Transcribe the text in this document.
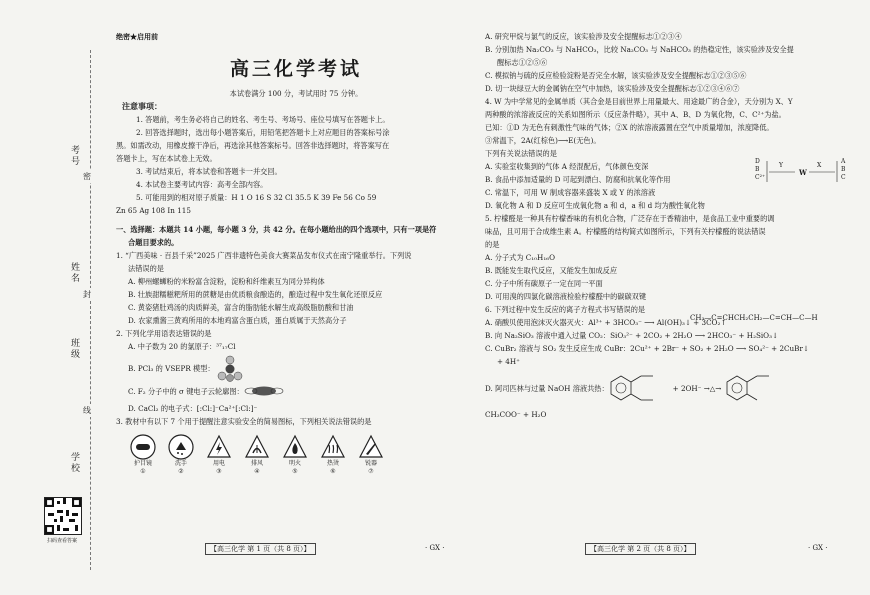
考号
姓名
班级
学校
密
封
线
扫码查看答案
绝密★启用前
高三化学考试
本试卷满分 100 分，考试用时 75 分钟。
注意事项：
1. 答题前，考生务必将自己的姓名、考生号、考场号、座位号填写在答题卡上。
2. 回答选择题时，选出每小题答案后，用铅笔把答题卡上对应题目的答案标号涂
黑。如需改动，用橡皮擦干净后，再选涂其他答案标号。回答非选择题时，将答案写在
答题卡上，写在本试卷上无效。
3. 考试结束后，将本试卷和答题卡一并交回。
4. 本试卷主要考试内容：高考全部内容。
5. 可能用到的相对原子质量：H 1 O 16 S 32 Cl 35.5 K 39 Fe 56 Co 59
Zn 65 Ag 108 In 115
一、选择题：本题共 14 小题，每小题 3 分，共 42 分。在每小题给出的四个选项中，只有一项是符
合题目要求的。
1. “广西美味 · 百县千采”2025 广西非遗特色美食大赛菜品发布仪式在南宁隆重举行。下列说
法错误的是
A. 柳州螺蛳粉的米粉富含淀粉，淀粉和纤维素互为同分异构体
B. 壮族甜糯糍粑所用的蔗糖是由优质粮食酿造的，酿造过程中发生氧化还原反应
C. 黄姿猪肚鸡汤的肉质鲜美，富含的脂肪能水解生成高级脂肪酸和甘油
D. 农家熏酱三黄鸡所用的本地鸡富含蛋白质，蛋白质属于天然高分子
2. 下列化学用语表达错误的是
A. 中子数为 20 的氯原子：³⁷₁₇Cl
B. PCl₃ 的 VSEPR 模型：
C. F₂ 分子中的 σ 键电子云轮廓图：
D. CaCl₂ 的电子式：[:Cl:]⁻Ca²⁺[:Cl:]⁻
3. 教材中有以下 7 个用于提醒注意实验安全的简易图标，下列相关说法错误的是
护目镜
①
洗手
②
用电
③
排风
④
明火
⑤
热烫
⑥
锐器
⑦
【高三化学 第 1 页（共 8 页）】	· GX ·
A. 研究甲烷与氯气的反应，该实验涉及安全提醒标志①②③④
B. 分别加热 Na₂CO₃ 与 NaHCO₃，比较 Na₂CO₃ 与 NaHCO₃ 的热稳定性，该实验涉及安全提
醒标志①②⑤⑥
C. 模拟钠与硫的反应检验淀粉是否完全水解，该实验涉及安全提醒标志①②③⑤⑥
D. 切一块绿豆大的金属钠在空气中加热，该实验涉及安全提醒标志①②③④⑥⑦
4. W 为中学常见的金属单质（其合金是目前世界上用量最大、用途最广的合金），天分别为 X、Y
两种酸的浓溶液反应的关系如图所示（反应条件略），其中 A、B、D 为氧化物，C、C²⁺为盐。
已知：①D 为无色有刺激性气味的气体；②X 的浓溶液露置在空气中质量增加，浓度降低。
③常温下，2A(红棕色)⟶E(无色)。
下列有关说法错误的是
A. 实验室收集到的气体 A 经混配后，气体颜色变深
B. 食品中添加适量的 D 可起到漂白、防腐和抗氧化等作用
C. 常温下，可用 W 制成容器来盛装 X 或 Y 的浓溶液
D. 氧化物 A 和 D 反应可生成氧化物 a 和 d，a 和 d 均为酸性氧化物
5. 柠檬醛是一种具有柠檬香味的有机化合物，广泛存在于香精油中，是食品工业中重要的调
味品，且可用于合成维生素 A。柠檬醛的结构简式如图所示，下列有关柠檬醛的说法错误
的是
A. 分子式为 C₁₀H₁₆O
B. 既能发生取代反应，又能发生加成反应
C. 分子中所有碳原子一定在同一平面
D. 可用溴的四氯化碳溶液检验柠檬醛中的碳碳双键
6. 下列过程中发生反应的离子方程式书写错误的是
A. 硝酸贝使用泡沫灭火器灭火：Al³⁺ + 3HCO₃⁻ ⟶ Al(OH)₃↓ + 3CO₂↑
B. 向 Na₂SiO₃ 溶液中通入过量 CO₂：SiO₃²⁻ + 2CO₂ + 2H₂O ⟶ 2HCO₃⁻ + H₂SiO₃↓
C. CuBr₂ 溶液与 SO₂ 发生反应生成 CuBr：2Cu²⁺ + 2Br⁻ + SO₂ + 2H₂O ⟶ SO₄²⁻ + 2CuBr↓
+ 4H⁺
D. 阿司匹林与过量 NaOH 溶液共热：	+ 2OH⁻ →△→
CH₃COO⁻ + H₂O
D
B
C²⁺
Y
W
X
A
B
C
CH₃—C=CHCH₂CH₂—C=CH—C—H
【高三化学 第 2 页（共 8 页）】	· GX ·
